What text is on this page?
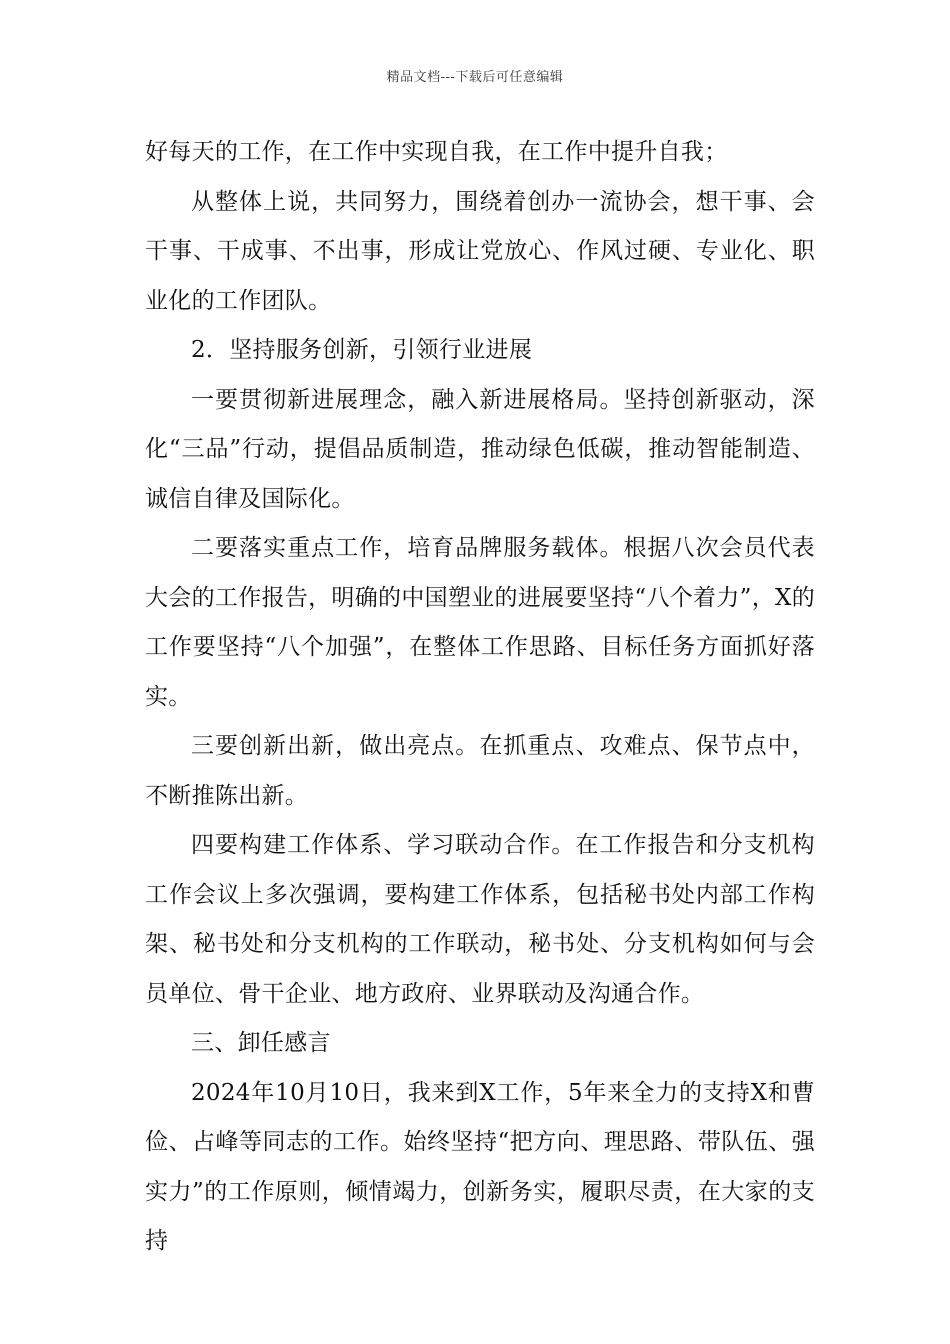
精品文档---下载后可任意编辑

好每天的工作，在工作中实现自我，在工作中提升自我；

从整体上说，共同努力，围绕着创办一流协会，想干事、会干事、干成事、不出事，形成让党放心、作风过硬、专业化、职业化的工作团队。

2．坚持服务创新，引领行业进展

一要贯彻新进展理念，融入新进展格局。坚持创新驱动，深化“三品”行动，提倡品质制造，推动绿色低碳，推动智能制造、诚信自律及国际化。

二要落实重点工作，培育品牌服务载体。根据八次会员代表大会的工作报告，明确的中国塑业的进展要坚持“八个着力”，X的工作要坚持“八个加强”，在整体工作思路、目标任务方面抓好落实。

三要创新出新，做出亮点。在抓重点、攻难点、保节点中，不断推陈出新。

四要构建工作体系、学习联动合作。在工作报告和分支机构工作会议上多次强调，要构建工作体系，包括秘书处内部工作构架、秘书处和分支机构的工作联动，秘书处、分支机构如何与会员单位、骨干企业、地方政府、业界联动及沟通合作。

三、卸任感言

2024年10月10日，我来到X工作，5年来全力的支持X和曹俭、占峰等同志的工作。始终坚持“把方向、理思路、带队伍、强实力”的工作原则，倾情竭力，创新务实，履职尽责，在大家的支持
